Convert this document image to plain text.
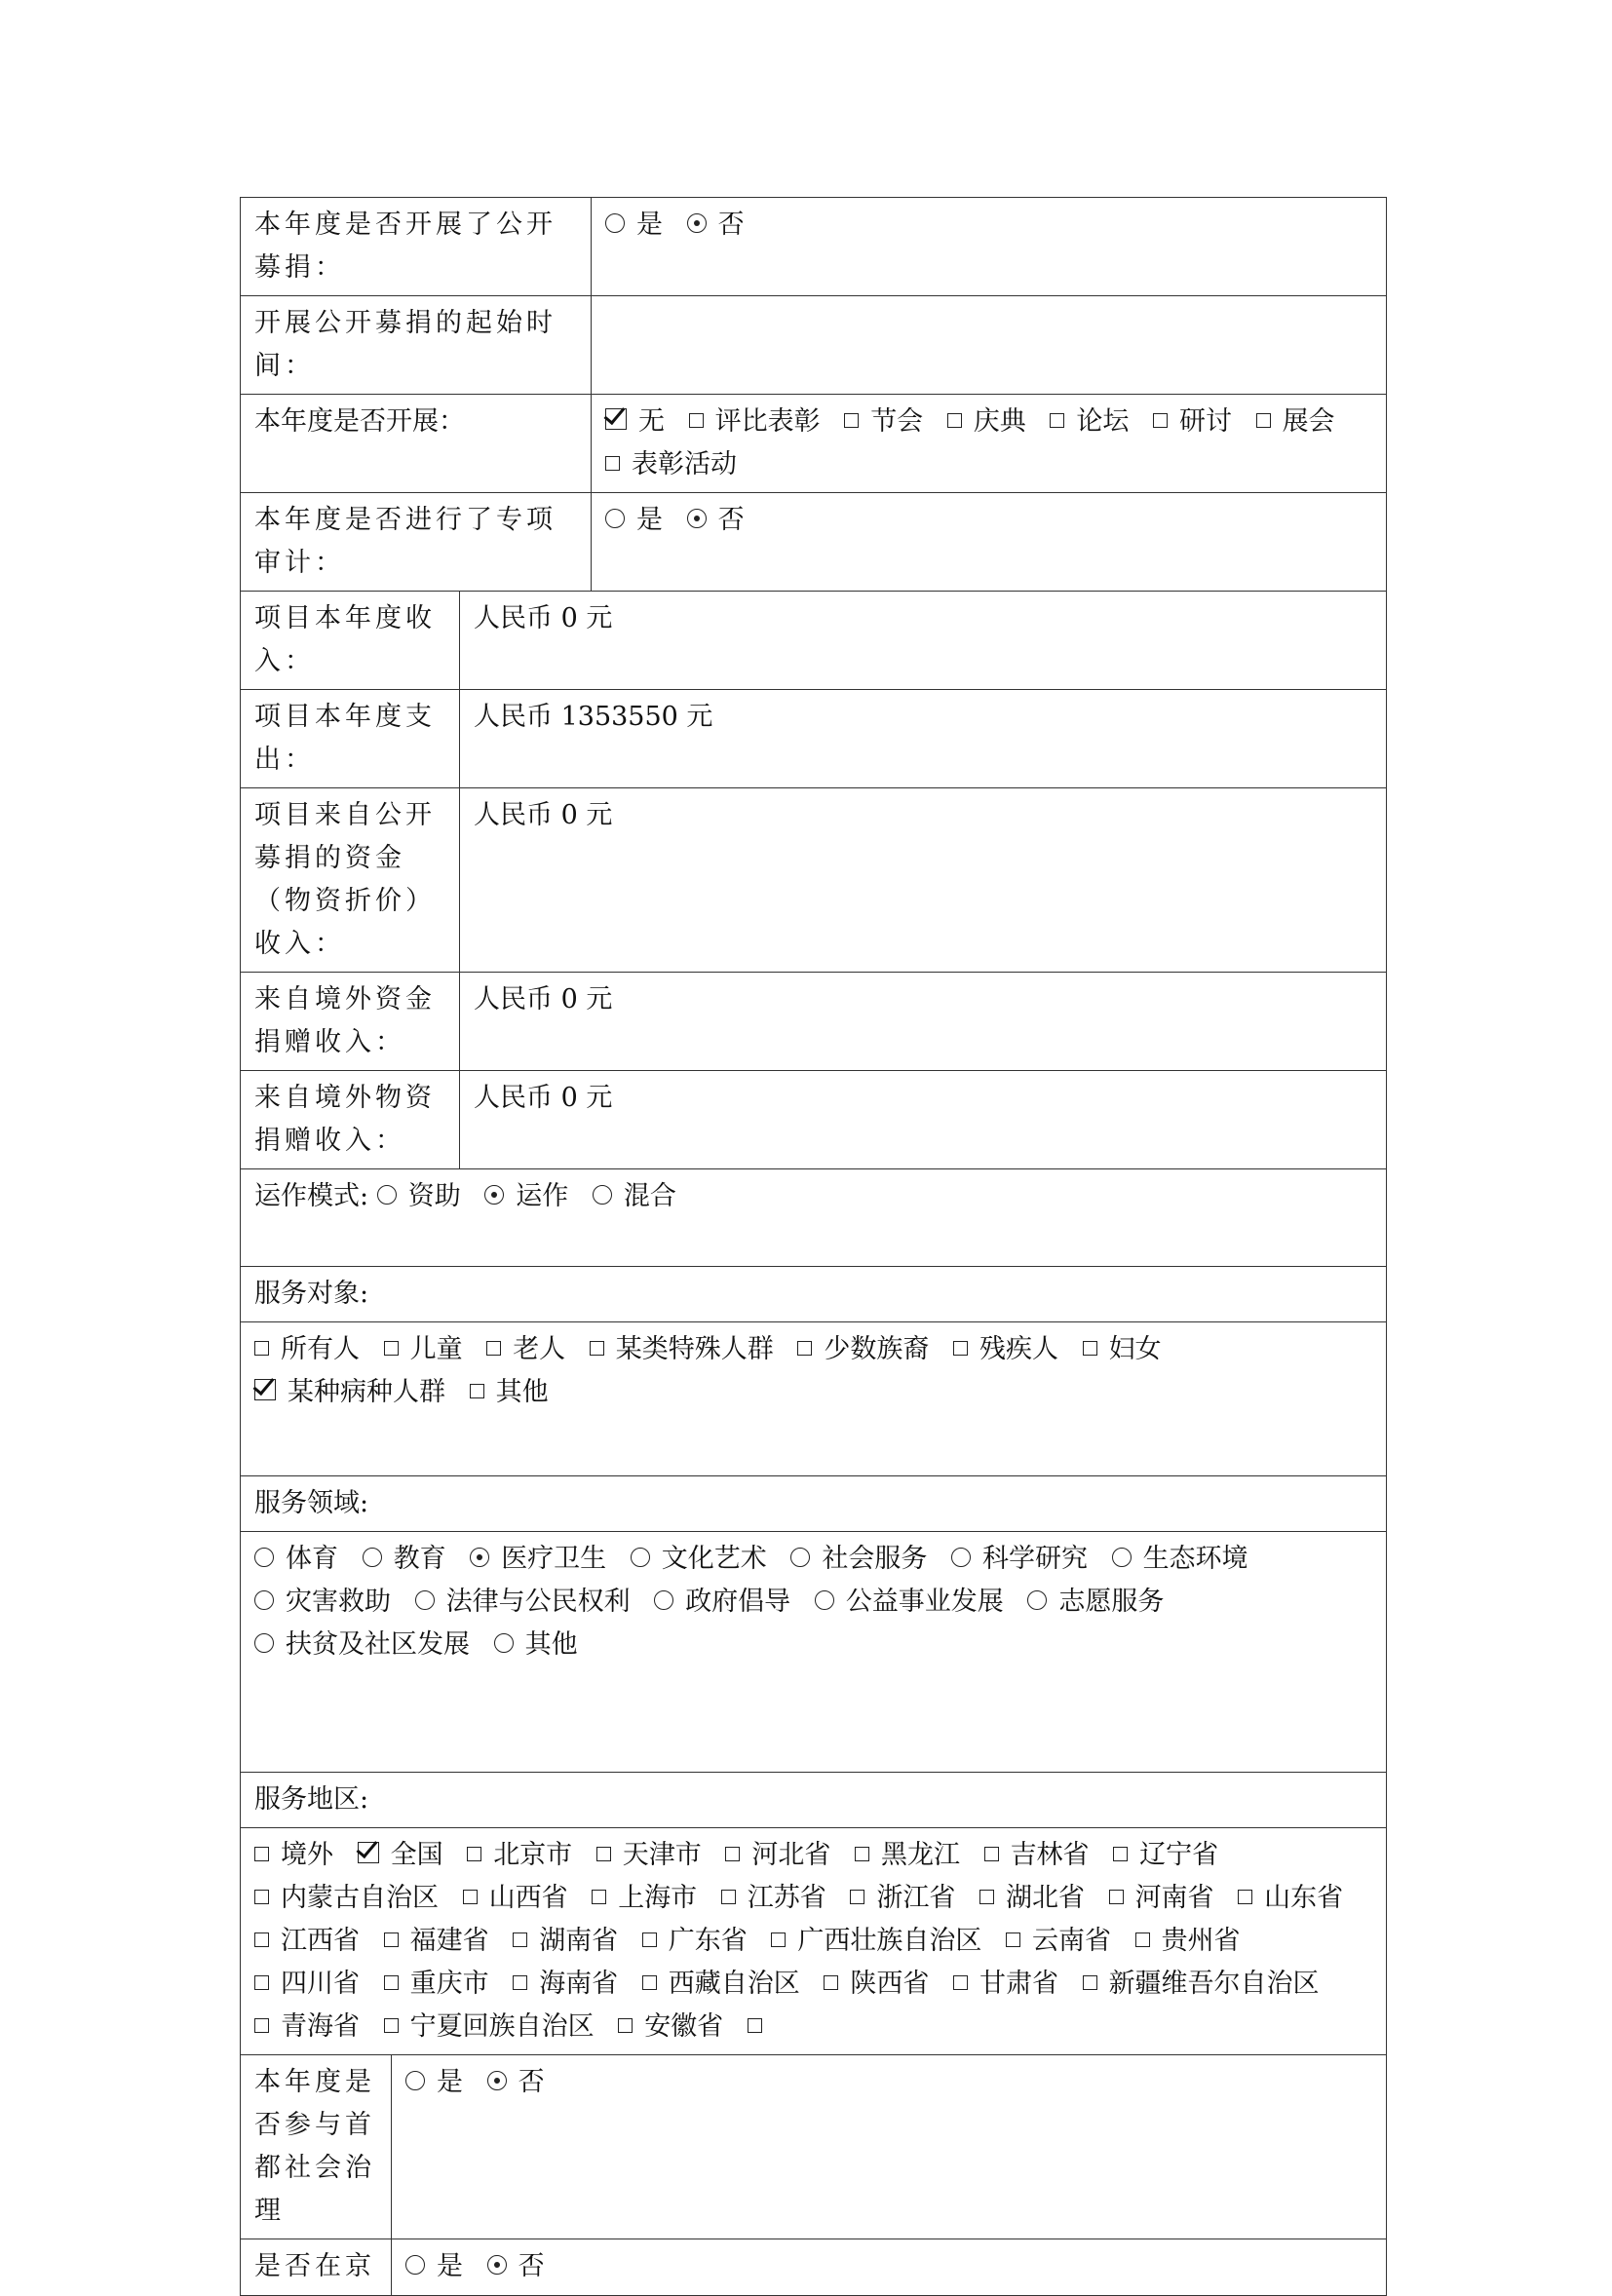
本年度是否开展了公开募捐：			是 否
开展公开募捐的起始时间：			
本年度是否开展：			无 评比表彰 节会 庆典 论坛 研讨 展会 表彰活动
本年度是否进行了专项审计：			是 否
项目本年度收入：		人民币 0 元	
项目本年度支出：		人民币 1353550 元	
项目来自公开募捐的资金（物资折价）收入：		人民币 0 元	
来自境外资金捐赠收入：		人民币 0 元	
来自境外物资捐赠收入：		人民币 0 元	
运作模式: 资助 运作 混合			
服务对象:			
所有人 儿童 老人 某类特殊人群 少数族裔 残疾人 妇女 某种病种人群 其他			
服务领域:			
体育 教育 医疗卫生 文化艺术 社会服务 科学研究 生态环境 灾害救助 法律与公民权利 政府倡导 公益事业发展 志愿服务 扶贫及社区发展 其他			
服务地区:			
境外 全国 北京市 天津市 河北省 黑龙江 吉林省 辽宁省 内蒙古自治区 山西省 上海市 江苏省 浙江省 湖北省 河南省 山东省 江西省 福建省 湖南省 广东省 广西壮族自治区 云南省 贵州省 四川省 重庆市 海南省 西藏自治区 陕西省 甘肃省 新疆维吾尔自治区 青海省 宁夏回族自治区 安徽省			
本年度是否参与首都社会治理	是 否		
是否在京	是 否		
